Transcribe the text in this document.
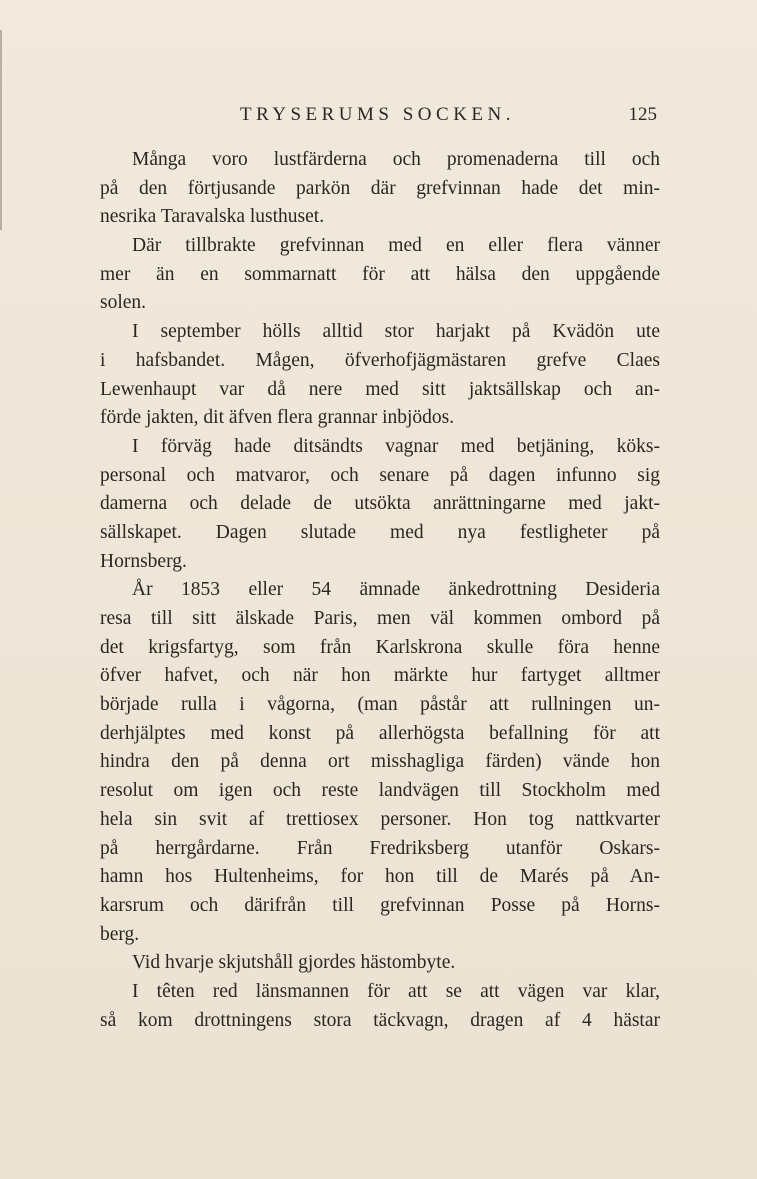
TRYSERUMS SOCKEN.	125
Många voro lustfärderna och promenaderna till och
på den förtjusande parkön där grefvinnan hade det min-
nesrika Taravalska lusthuset.
Där tillbrakte grefvinnan med en eller flera vänner
mer än en sommarnatt för att hälsa den uppgående
solen.
I september hölls alltid stor harjakt på Kvädön ute
i hafsbandet. Mågen, öfverhofjägmästaren grefve Claes
Lewenhaupt var då nere med sitt jaktsällskap och an-
förde jakten, dit äfven flera grannar inbjödos.
I förväg hade ditsändts vagnar med betjäning, köks-
personal och matvaror, och senare på dagen infunno sig
damerna och delade de utsökta anrättningarne med jakt-
sällskapet. Dagen slutade med nya festligheter på
Hornsberg.
År 1853 eller 54 ämnade änkedrottning Desideria
resa till sitt älskade Paris, men väl kommen ombord på
det krigsfartyg, som från Karlskrona skulle föra henne
öfver hafvet, och när hon märkte hur fartyget alltmer
började rulla i vågorna, (man påstår att rullningen un-
derhjälptes med konst på allerhögsta befallning för att
hindra den på denna ort misshagliga färden) vände hon
resolut om igen och reste landvägen till Stockholm med
hela sin svit af trettiosex personer. Hon tog nattkvarter
på herrgårdarne. Från Fredriksberg utanför Oskars-
hamn hos Hultenheims, for hon till de Marés på An-
karsrum och därifrån till grefvinnan Posse på Horns-
berg.
Vid hvarje skjutshåll gjordes hästombyte.
I têten red länsmannen för att se att vägen var klar,
så kom drottningens stora täckvagn, dragen af 4 hästar
